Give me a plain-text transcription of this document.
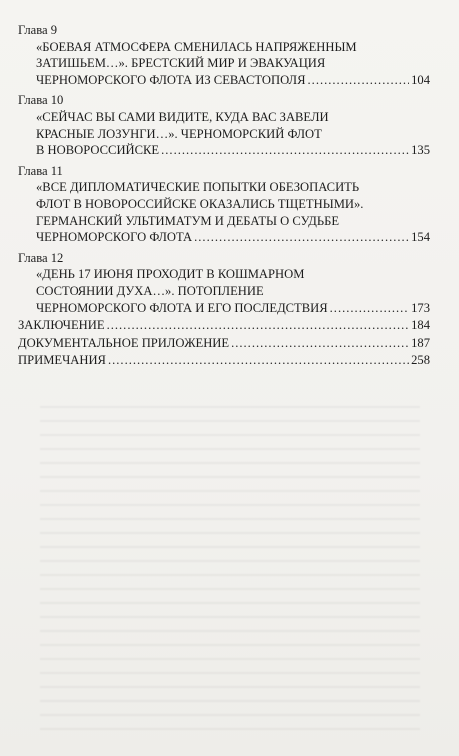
Глава 9
«БОЕВАЯ АТМОСФЕРА СМЕНИЛАСЬ НАПРЯЖЕННЫМ
ЗАТИШЬЕМ…». БРЕСТСКИЙ МИР И ЭВАКУАЦИЯ
ЧЕРНОМОРСКОГО ФЛОТА ИЗ СЕВАСТОПОЛЯ .....	104
Глава 10
«СЕЙЧАС ВЫ САМИ ВИДИТЕ, КУДА ВАС ЗАВЕЛИ
КРАСНЫЕ ЛОЗУНГИ…». ЧЕРНОМОРСКИЙ ФЛОТ
В НОВОРОССИЙСКЕ .....	135
Глава 11
«ВСЕ ДИПЛОМАТИЧЕСКИЕ ПОПЫТКИ ОБЕЗОПАСИТЬ
ФЛОТ В НОВОРОССИЙСКЕ ОКАЗАЛИСЬ ТЩЕТНЫМИ».
ГЕРМАНСКИЙ УЛЬТИМАТУМ И ДЕБАТЫ О СУДЬБЕ
ЧЕРНОМОРСКОГО ФЛОТА .....	154
Глава 12
«ДЕНЬ 17 ИЮНЯ ПРОХОДИТ В КОШМАРНОМ
СОСТОЯНИИ ДУХА…». ПОТОПЛЕНИЕ
ЧЕРНОМОРСКОГО ФЛОТА И ЕГО ПОСЛЕДСТВИЯ .....	173
ЗАКЛЮЧЕНИЕ .....	184
ДОКУМЕНТАЛЬНОЕ ПРИЛОЖЕНИЕ .....	187
ПРИМЕЧАНИЯ .....	258
